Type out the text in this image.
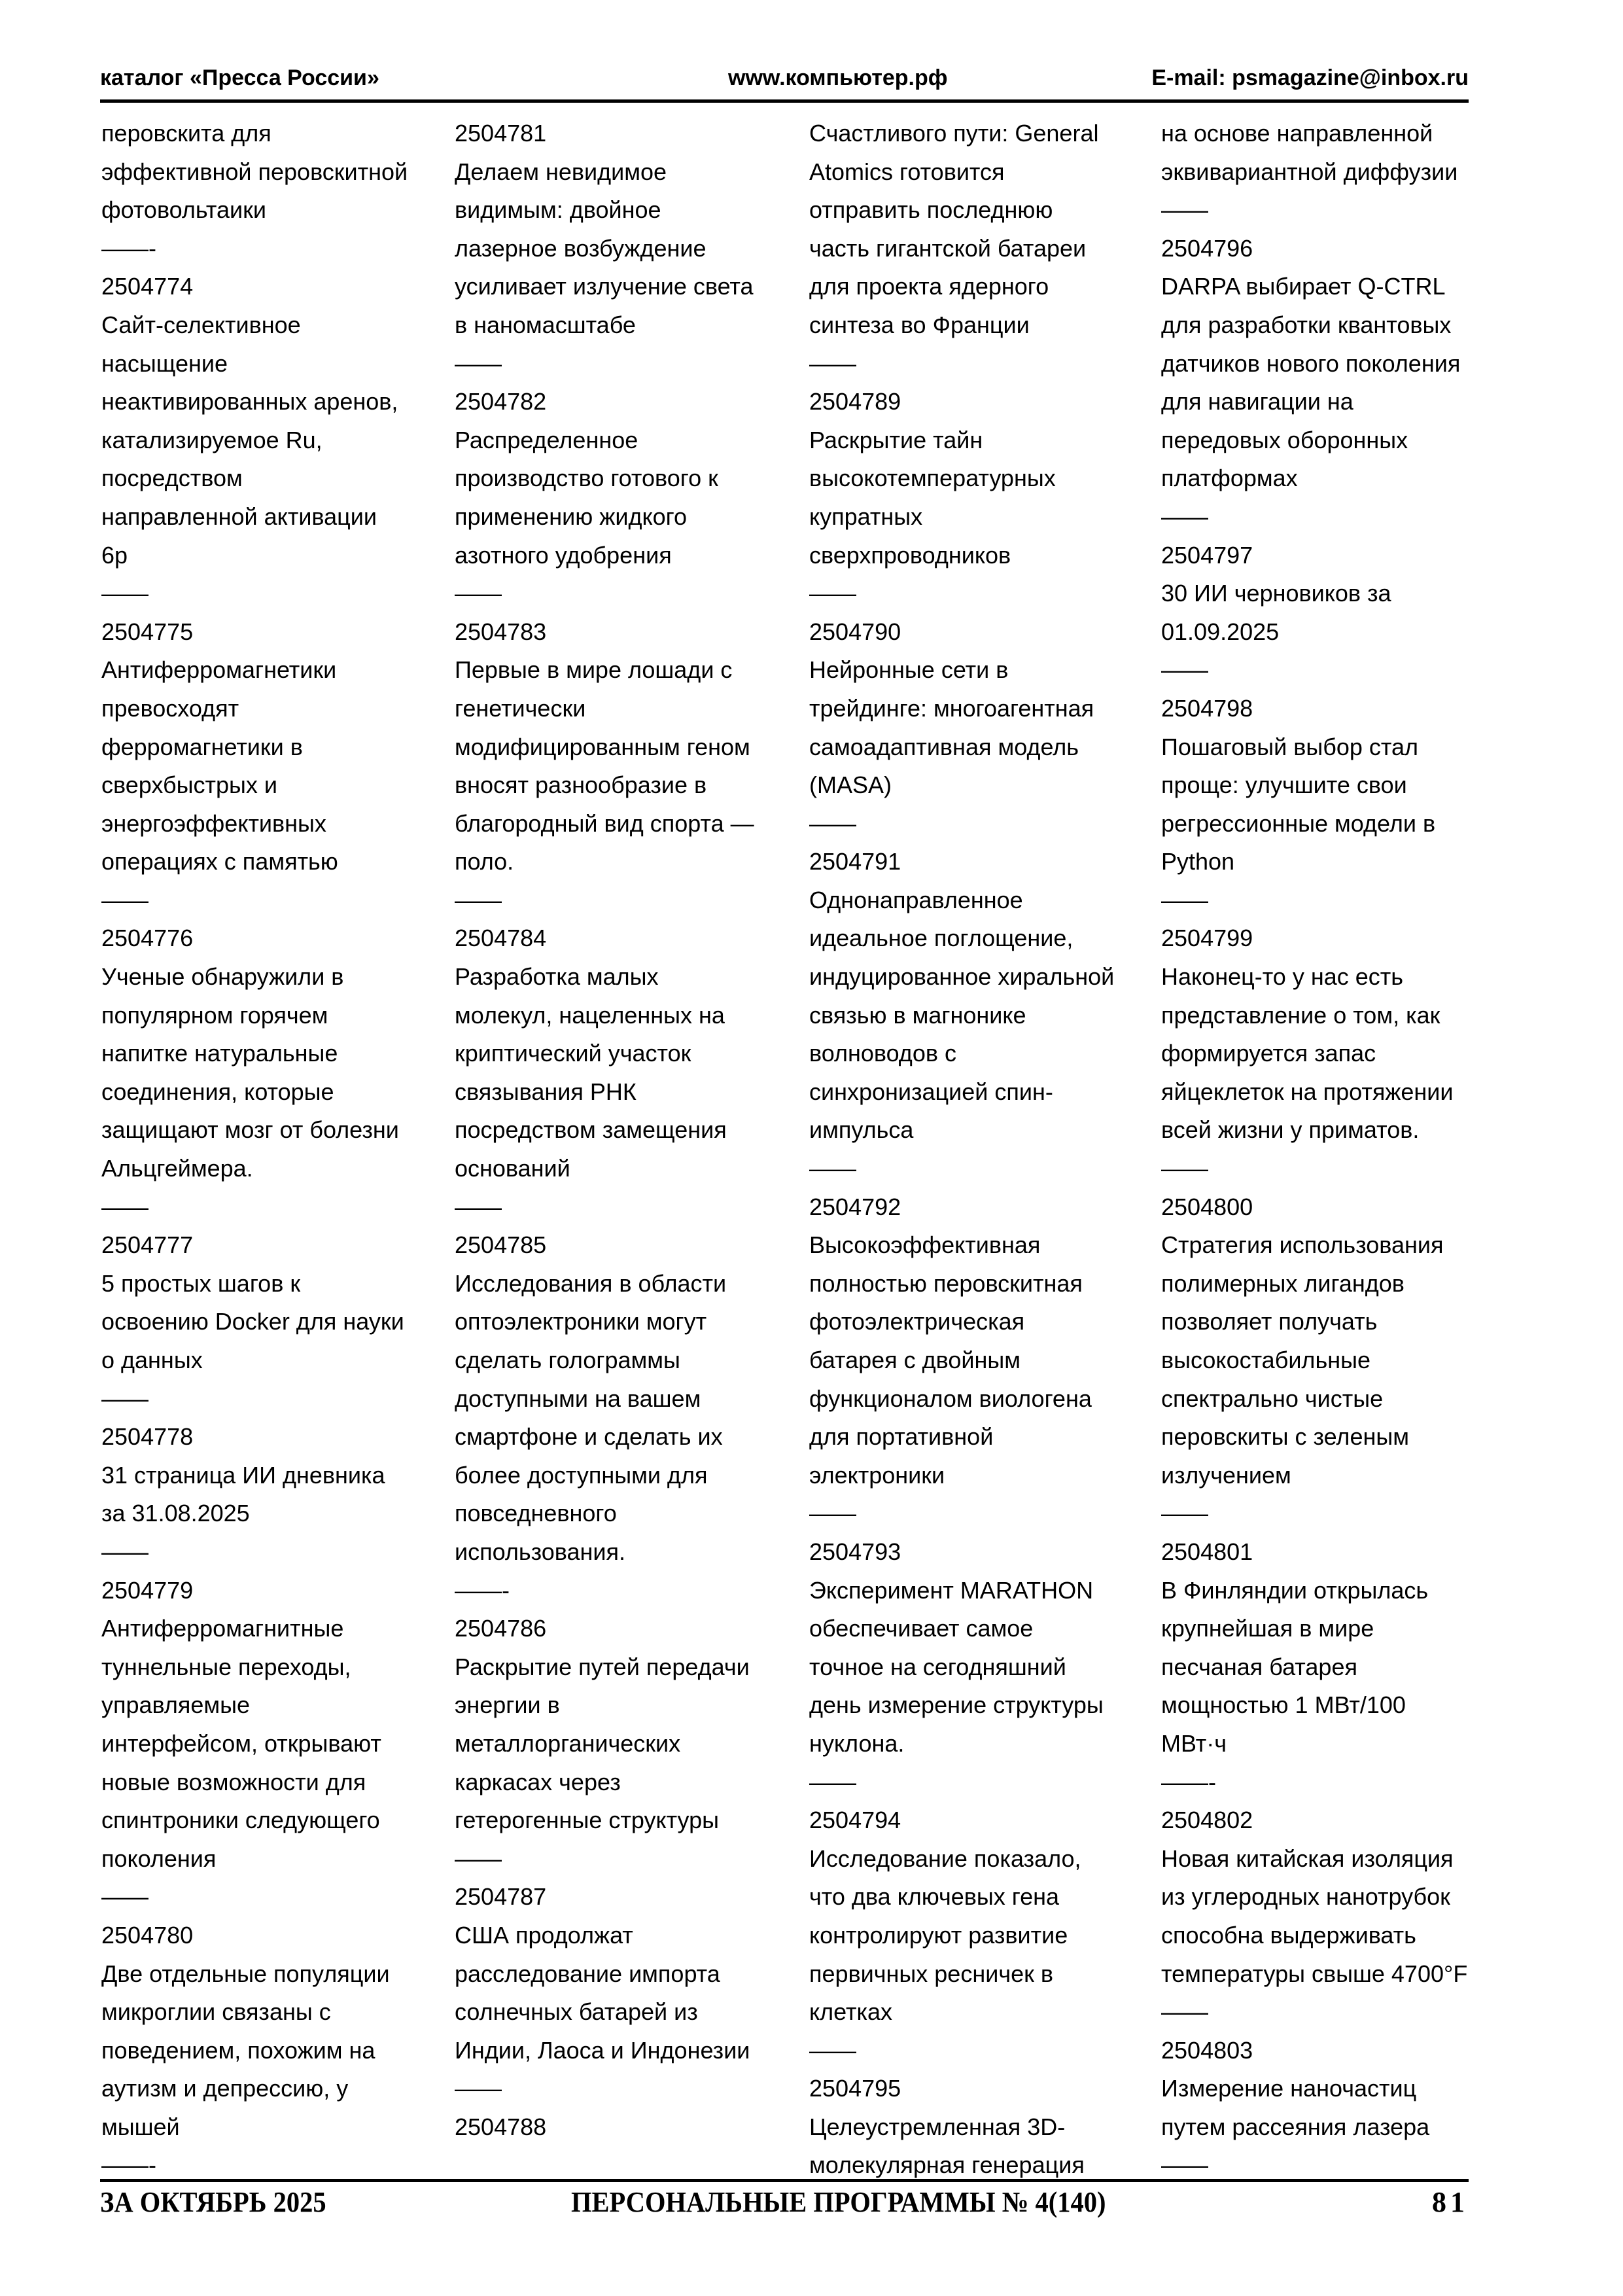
каталог «Пресса России»	www.компьютер.рф	E-mail: psmagazine@inbox.ru
перовскита для
эффективной перовскитной
фотовольтаики
——-
2504774
Сайт-селективное
насыщение
неактивированных аренов,
катализируемое Ru,
посредством
направленной активации
6р
——
2504775
Антиферромагнетики
превосходят
ферромагнетики в
сверхбыстрых и
энергоэффективных
операциях с памятью
——
2504776
Ученые обнаружили в
популярном горячем
напитке натуральные
соединения, которые
защищают мозг от болезни
Альцгеймера.
——
2504777
5 простых шагов к
освоению Docker для науки
о данных
——
2504778
31 страница ИИ дневника
за 31.08.2025
——
2504779
Антиферромагнитные
туннельные переходы,
управляемые
интерфейсом, открывают
новые возможности для
спинтроники следующего
поколения
——
2504780
Две отдельные популяции
микроглии связаны с
поведением, похожим на
аутизм и депрессию, у
мышей
——-
2504781
Делаем невидимое
видимым: двойное
лазерное возбуждение
усиливает излучение света
в наномасштабе
——
2504782
Распределенное
производство готового к
применению жидкого
азотного удобрения
——
2504783
Первые в мире лошади с
генетически
модифицированным геном
вносят разнообразие в
благородный вид спорта —
поло.
——
2504784
Разработка малых
молекул, нацеленных на
криптический участок
связывания РНК
посредством замещения
оснований
——
2504785
Исследования в области
оптоэлектроники могут
сделать голограммы
доступными на вашем
смартфоне и сделать их
более доступными для
повседневного
использования.
——-
2504786
Раскрытие путей передачи
энергии в
металлорганических
каркасах через
гетерогенные структуры
——
2504787
США продолжат
расследование импорта
солнечных батарей из
Индии, Лаоса и Индонезии
——
2504788
Счастливого пути: General
Atomics готовится
отправить последнюю
часть гигантской батареи
для проекта ядерного
синтеза во Франции
——
2504789
Раскрытие тайн
высокотемпературных
купратных
сверхпроводников
——
2504790
Нейронные сети в
трейдинге: многоагентная
самоадаптивная модель
(MASA)
——
2504791
Однонаправленное
идеальное поглощение,
индуцированное хиральной
связью в магнонике
волноводов с
синхронизацией спин-
импульса
——
2504792
Высокоэффективная
полностью перовскитная
фотоэлектрическая
батарея с двойным
функционалом виологена
для портативной
электроники
——
2504793
Эксперимент MARATHON
обеспечивает самое
точное на сегодняшний
день измерение структуры
нуклона.
——
2504794
Исследование показало,
что два ключевых гена
контролируют развитие
первичных ресничек в
клетках
——
2504795
Целеустремленная 3D-
молекулярная генерация
на основе направленной
эквивариантной диффузии
——
2504796
DARPA выбирает Q-CTRL
для разработки квантовых
датчиков нового поколения
для навигации на
передовых оборонных
платформах
——
2504797
30 ИИ черновиков за
01.09.2025
——
2504798
Пошаговый выбор стал
проще: улучшите свои
регрессионные модели в
Python
——
2504799
Наконец-то у нас есть
представление о том, как
формируется запас
яйцеклеток на протяжении
всей жизни у приматов.
——
2504800
Стратегия использования
полимерных лигандов
позволяет получать
высокостабильные
спектрально чистые
перовскиты с зеленым
излучением
——
2504801
В Финляндии открылась
крупнейшая в мире
песчаная батарея
мощностью 1 МВт/100
МВт·ч
——-
2504802
Новая китайская изоляция
из углеродных нанотрубок
способна выдерживать
температуры свыше 4700°F
——
2504803
Измерение наночастиц
путем рассеяния лазера
——
ЗА ОКТЯБРЬ 2025	ПЕРСОНАЛЬНЫЕ ПРОГРАММЫ № 4(140)	81
